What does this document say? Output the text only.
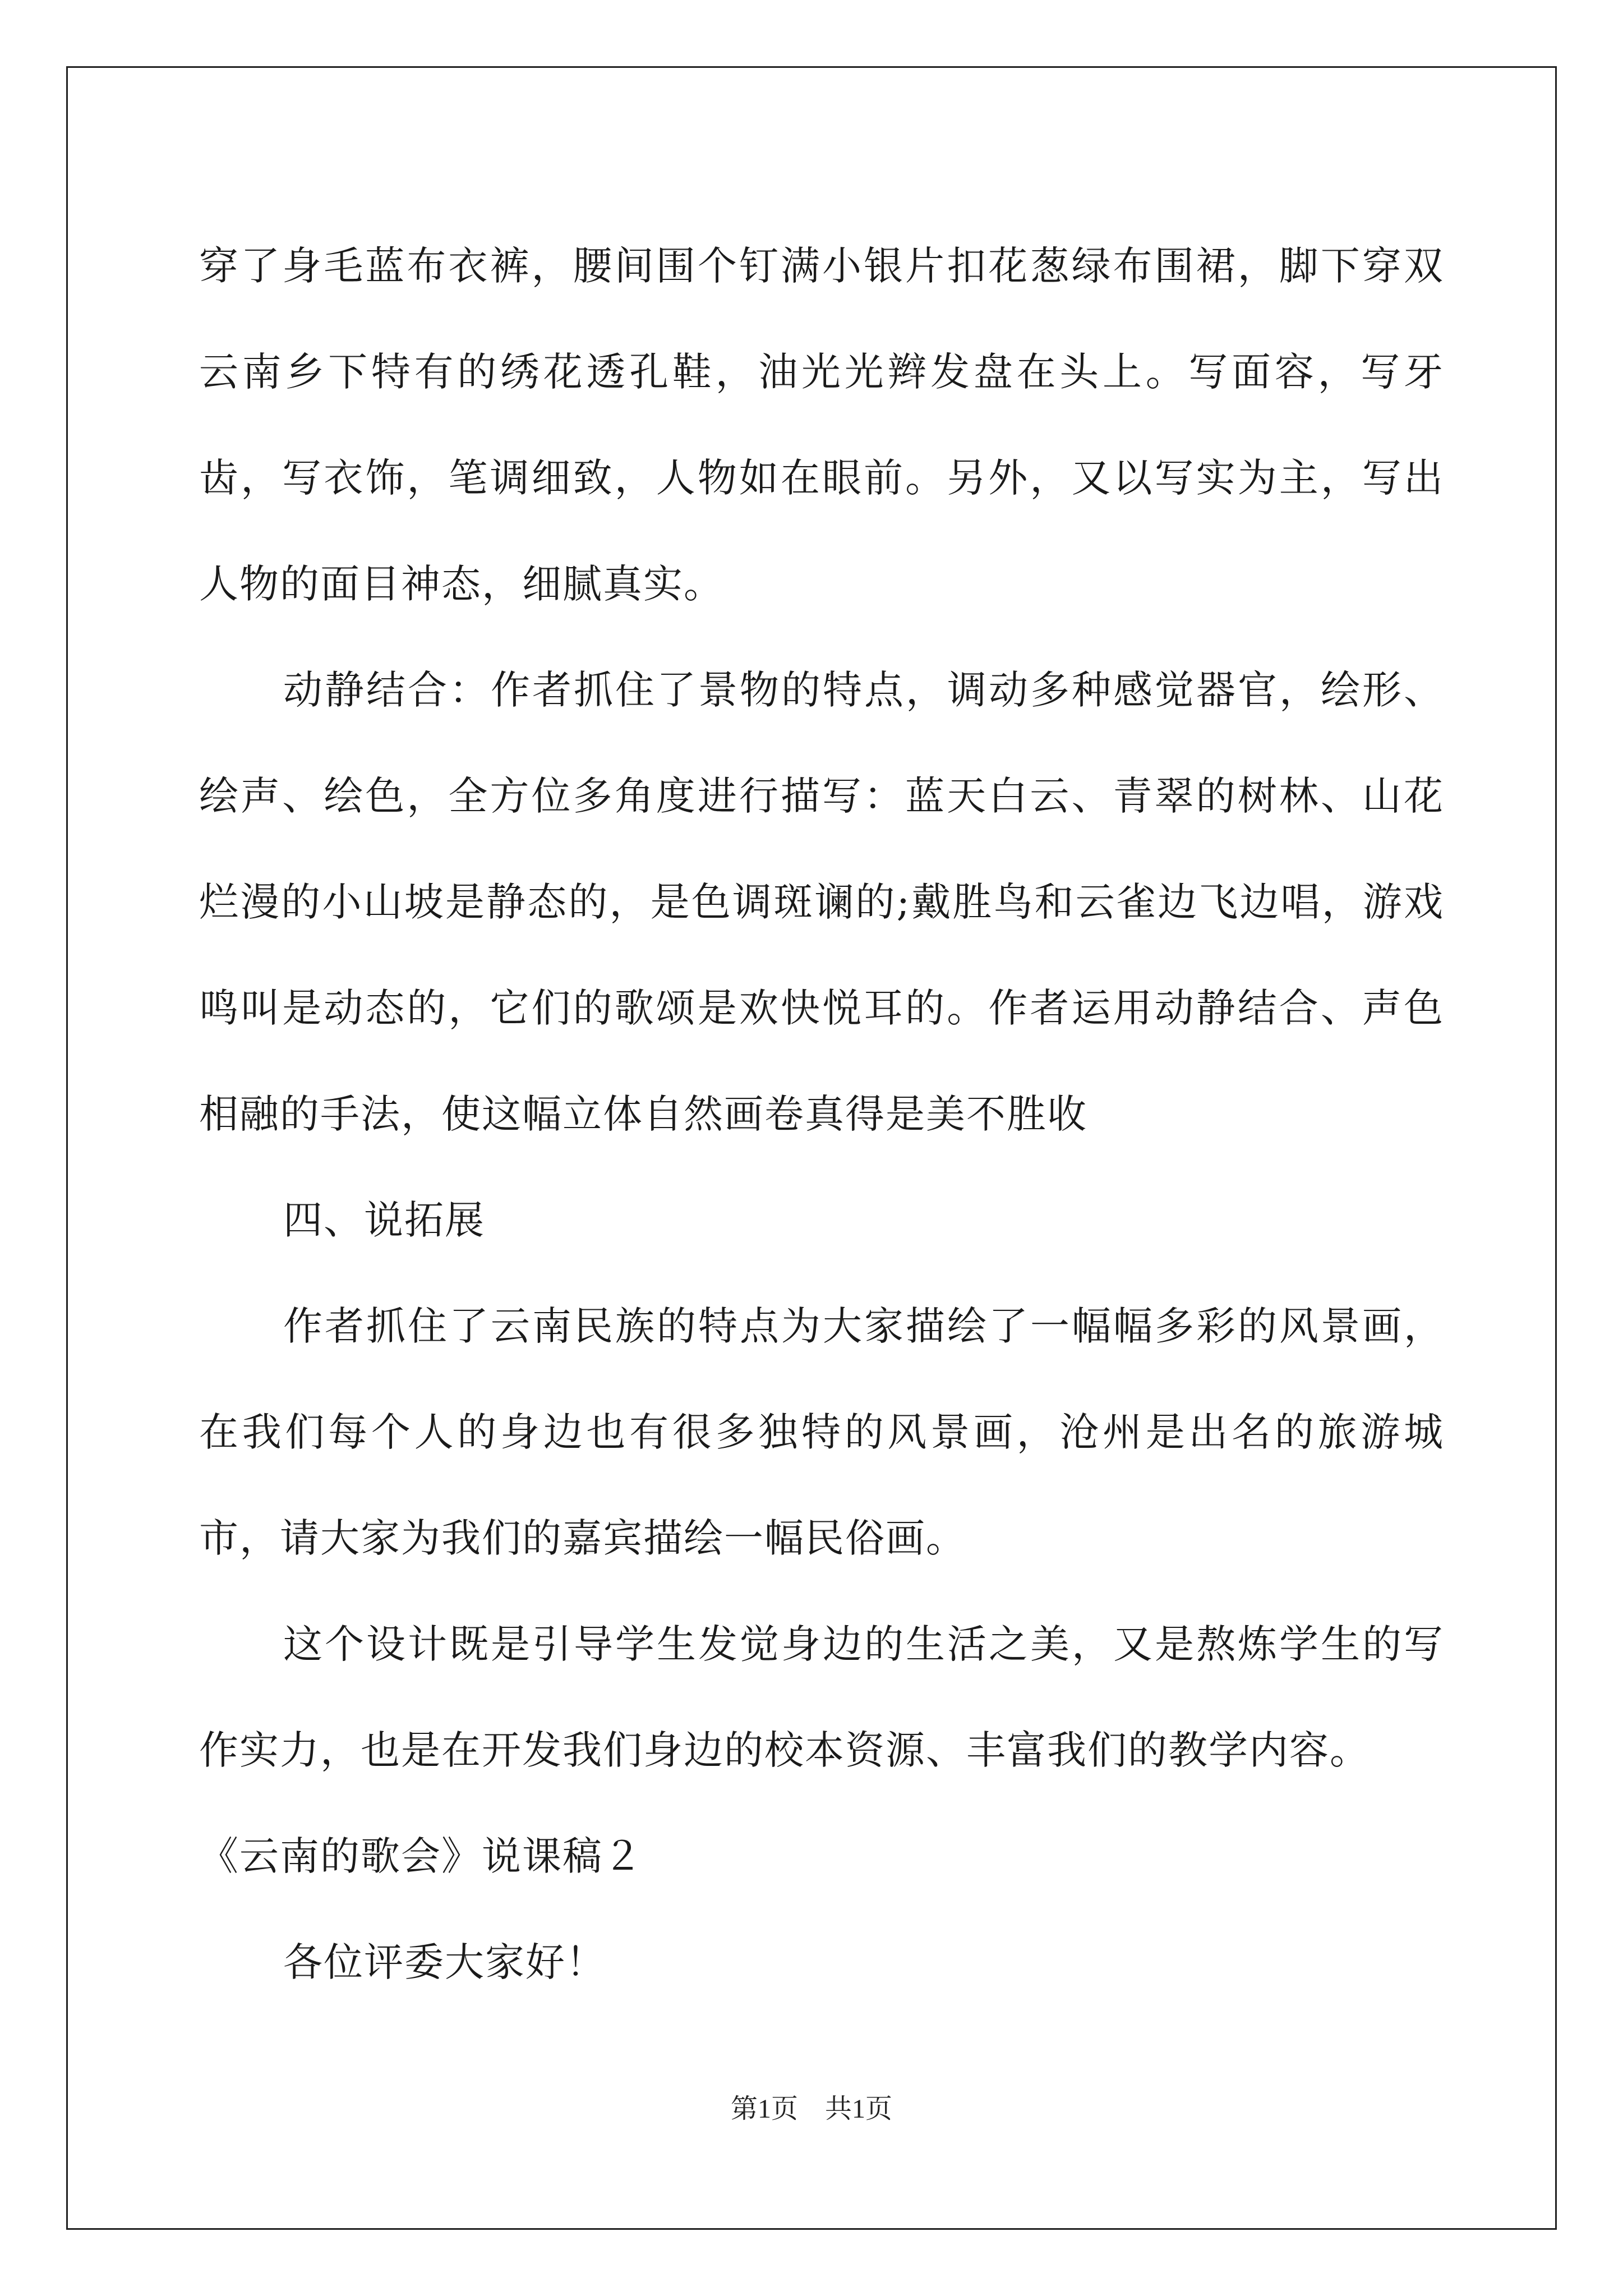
穿了身毛蓝布衣裤，腰间围个钉满小银片扣花葱绿布围裙，脚下穿双云南乡下特有的绣花透孔鞋，油光光辫发盘在头上。写面容，写牙齿，写衣饰，笔调细致，人物如在眼前。另外，又以写实为主，写出人物的面目神态，细腻真实。

动静结合：作者抓住了景物的特点，调动多种感觉器官，绘形、绘声、绘色，全方位多角度进行描写：蓝天白云、青翠的树林、山花烂漫的小山坡是静态的，是色调斑谰的;戴胜鸟和云雀边飞边唱，游戏鸣叫是动态的，它们的歌颂是欢快悦耳的。作者运用动静结合、声色相融的手法，使这幅立体自然画卷真得是美不胜收

四、说拓展

作者抓住了云南民族的特点为大家描绘了一幅幅多彩的风景画，在我们每个人的身边也有很多独特的风景画，沧州是出名的旅游城市，请大家为我们的嘉宾描绘一幅民俗画。

这个设计既是引导学生发觉身边的生活之美，又是熬炼学生的写作实力，也是在开发我们身边的校本资源、丰富我们的教学内容。

《云南的歌会》说课稿２

各位评委大家好！

第1页　共1页
